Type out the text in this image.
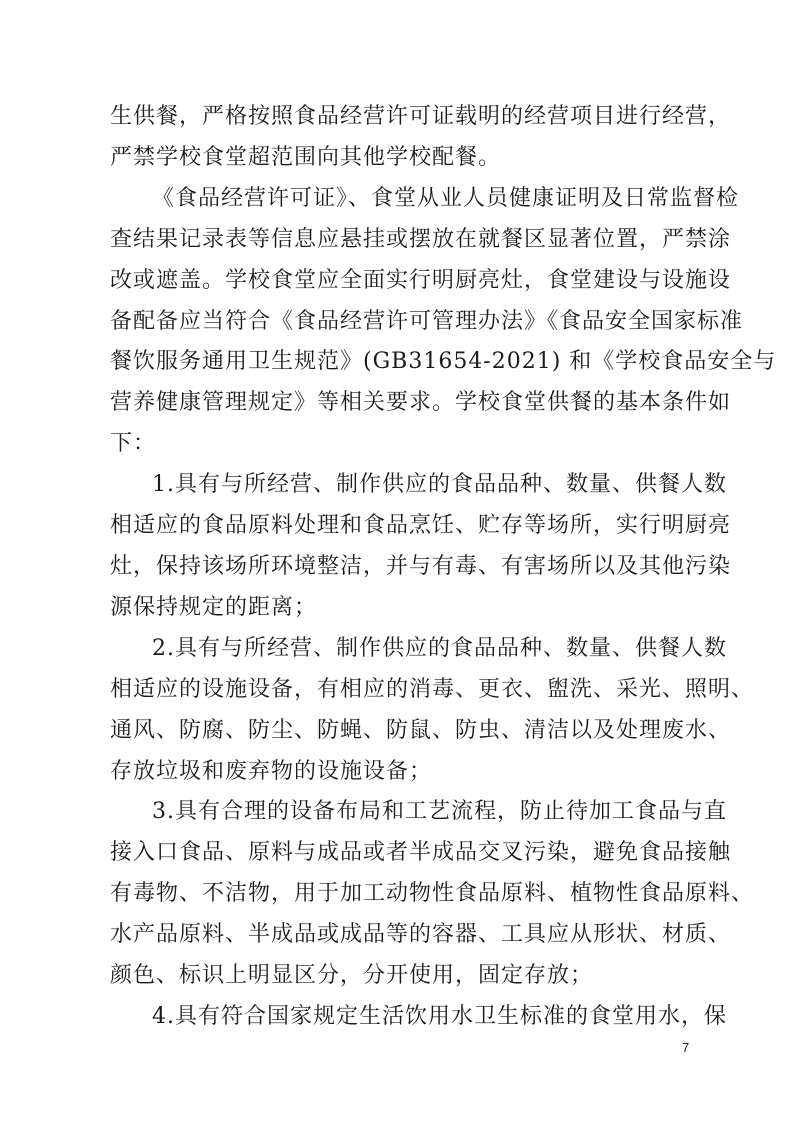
生供餐，严格按照食品经营许可证载明的经营项目进行经营，
严禁学校食堂超范围向其他学校配餐。
《食品经营许可证》、食堂从业人员健康证明及日常监督检
查结果记录表等信息应悬挂或摆放在就餐区显著位置，严禁涂
改或遮盖。学校食堂应全面实行明厨亮灶，食堂建设与设施设
备配备应当符合《食品经营许可管理办法》《食品安全国家标准
餐饮服务通用卫生规范》(GB31654-2021) 和《学校食品安全与
营养健康管理规定》等相关要求。学校食堂供餐的基本条件如
下：
1.具有与所经营、制作供应的食品品种、数量、供餐人数
相适应的食品原料处理和食品烹饪、贮存等场所，实行明厨亮
灶，保持该场所环境整洁，并与有毒、有害场所以及其他污染
源保持规定的距离；
2.具有与所经营、制作供应的食品品种、数量、供餐人数
相适应的设施设备，有相应的消毒、更衣、盥洗、采光、照明、
通风、防腐、防尘、防蝇、防鼠、防虫、清洁以及处理废水、
存放垃圾和废弃物的设施设备；
3.具有合理的设备布局和工艺流程，防止待加工食品与直
接入口食品、原料与成品或者半成品交叉污染，避免食品接触
有毒物、不洁物，用于加工动物性食品原料、植物性食品原料、
水产品原料、半成品或成品等的容器、工具应从形状、材质、
颜色、标识上明显区分，分开使用，固定存放；
4.具有符合国家规定生活饮用水卫生标准的食堂用水，保
7
